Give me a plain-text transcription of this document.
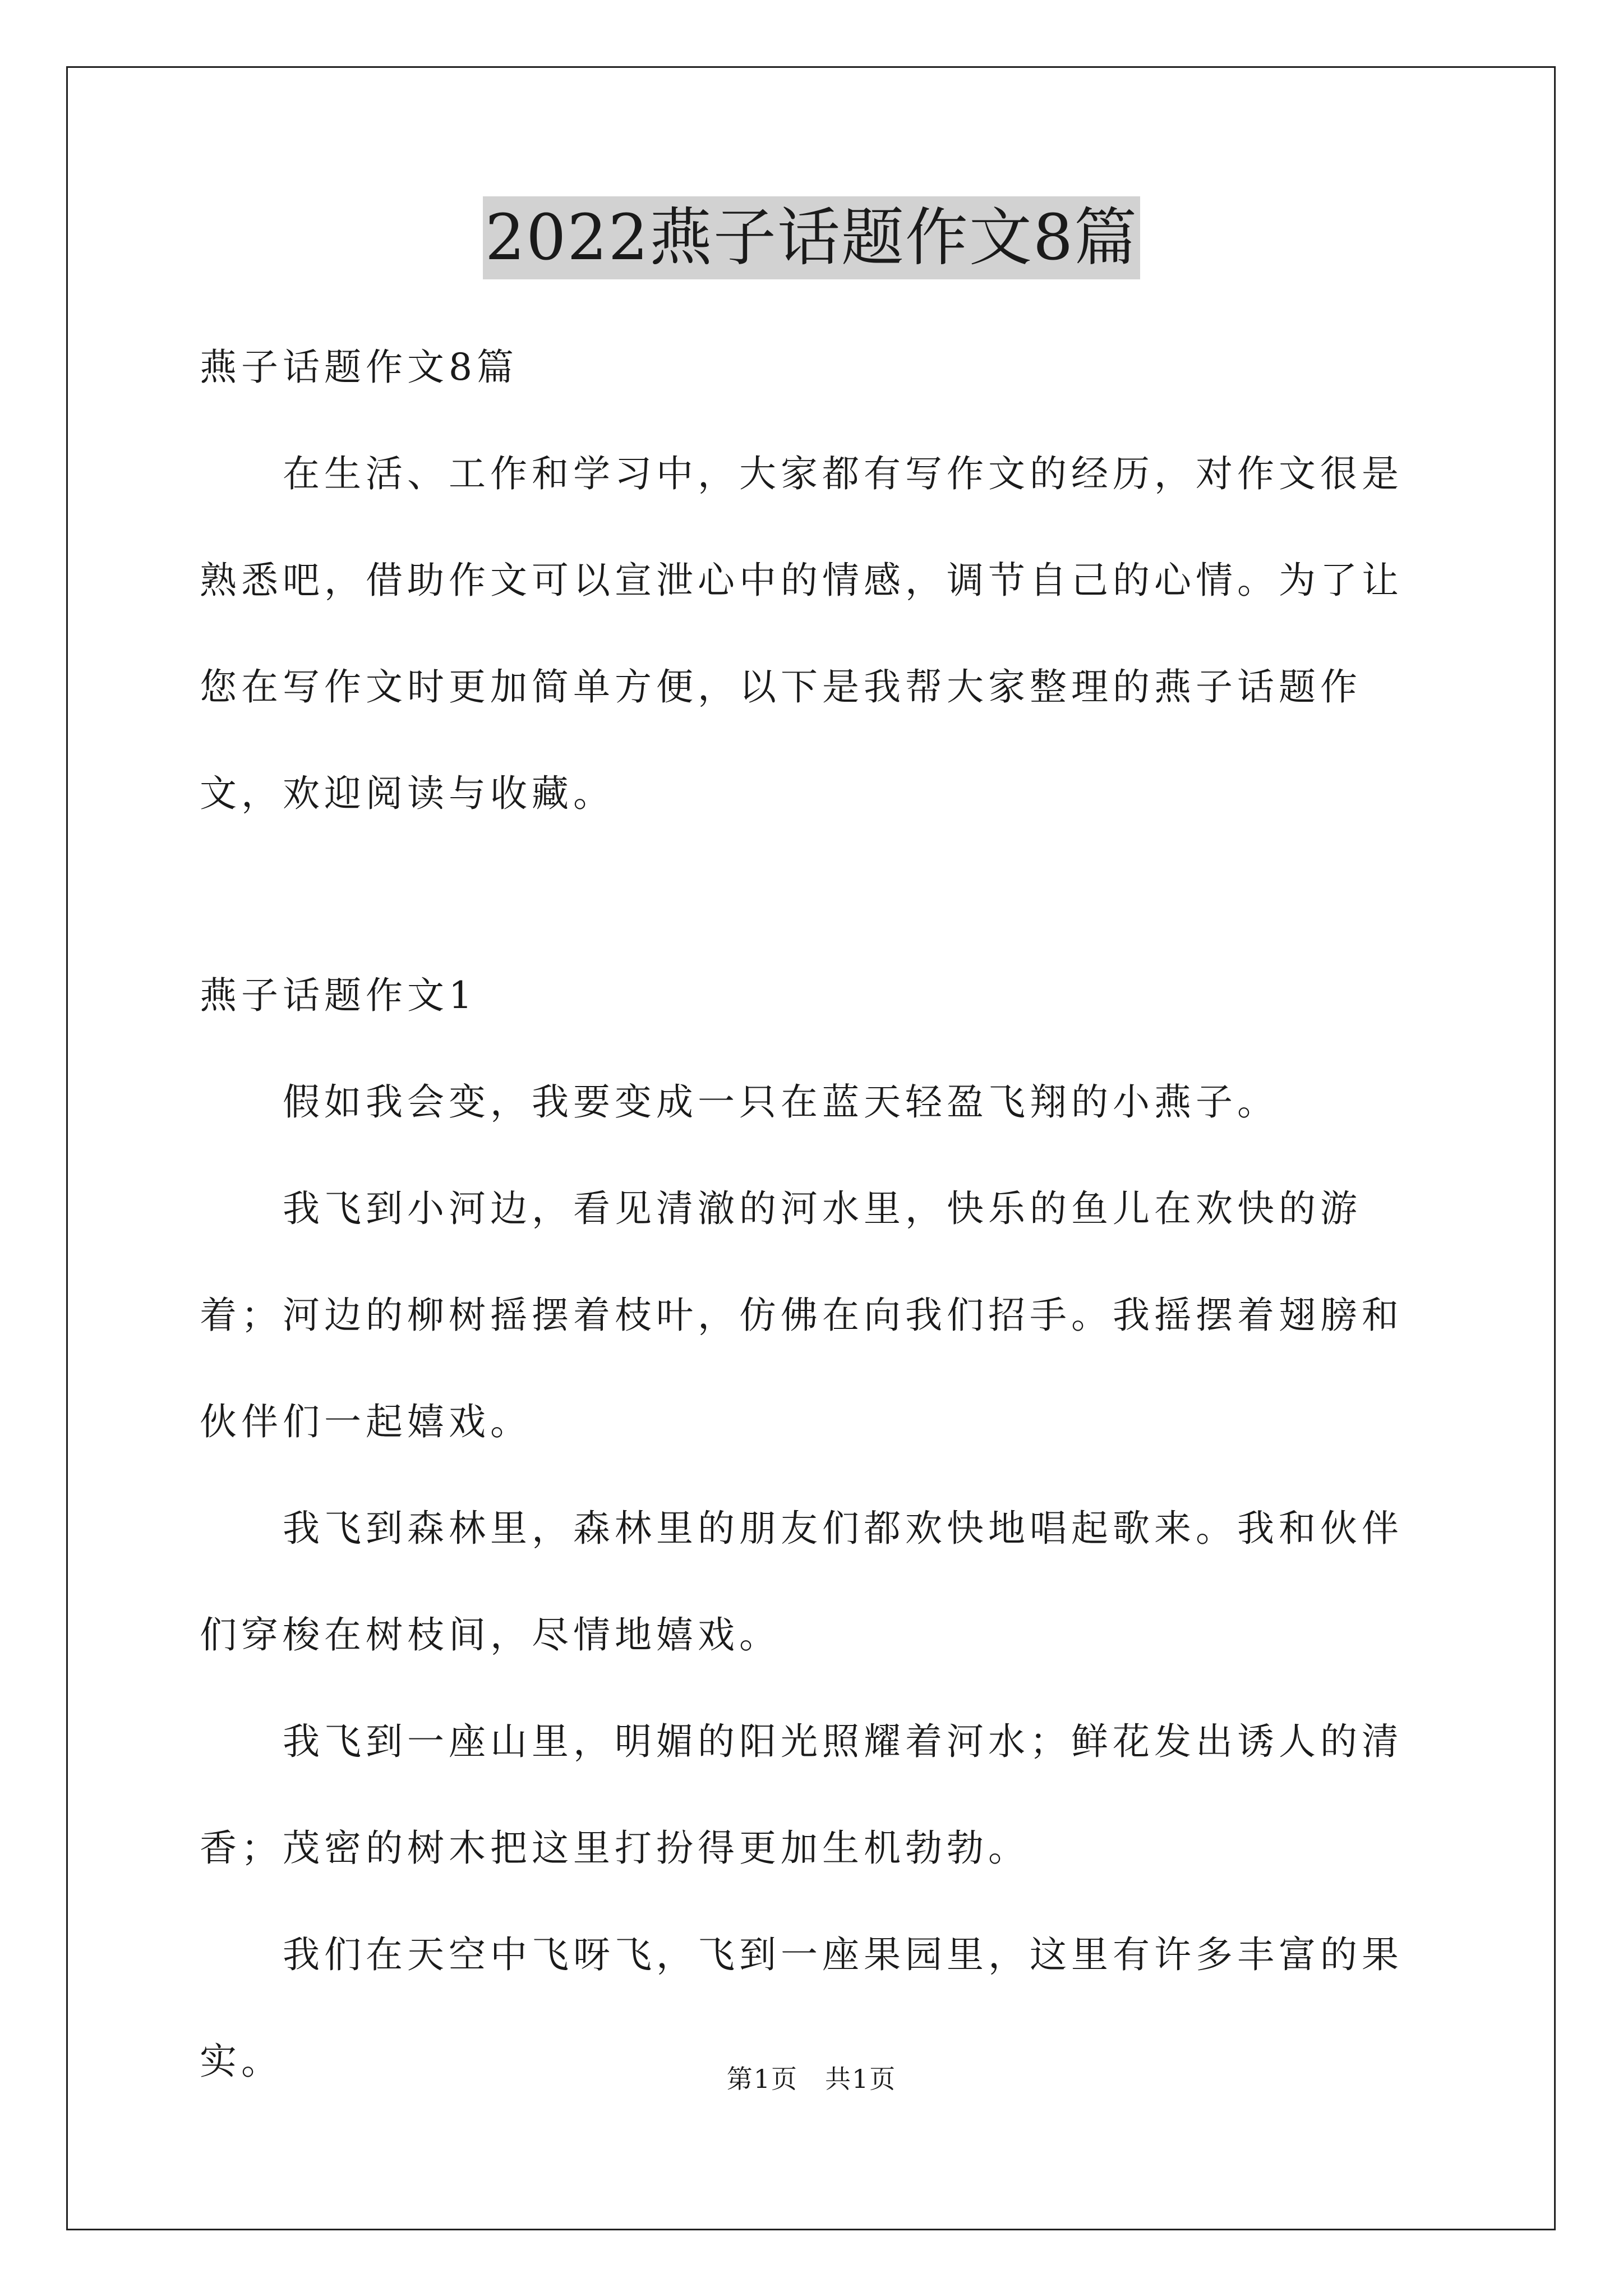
2022燕子话题作文8篇

燕子话题作文8篇

在生活、工作和学习中，大家都有写作文的经历，对作文很是熟悉吧，借助作文可以宣泄心中的情感，调节自己的心情。为了让您在写作文时更加简单方便，以下是我帮大家整理的燕子话题作文，欢迎阅读与收藏。

燕子话题作文1

假如我会变，我要变成一只在蓝天轻盈飞翔的小燕子。

我飞到小河边，看见清澈的河水里，快乐的鱼儿在欢快的游着；河边的柳树摇摆着枝叶，仿佛在向我们招手。我摇摆着翅膀和伙伴们一起嬉戏。

我飞到森林里，森林里的朋友们都欢快地唱起歌来。我和伙伴们穿梭在树枝间，尽情地嬉戏。

我飞到一座山里，明媚的阳光照耀着河水；鲜花发出诱人的清香；茂密的树木把这里打扮得更加生机勃勃。

我们在天空中飞呀飞，飞到一座果园里，这里有许多丰富的果实。	第1页 共1页
